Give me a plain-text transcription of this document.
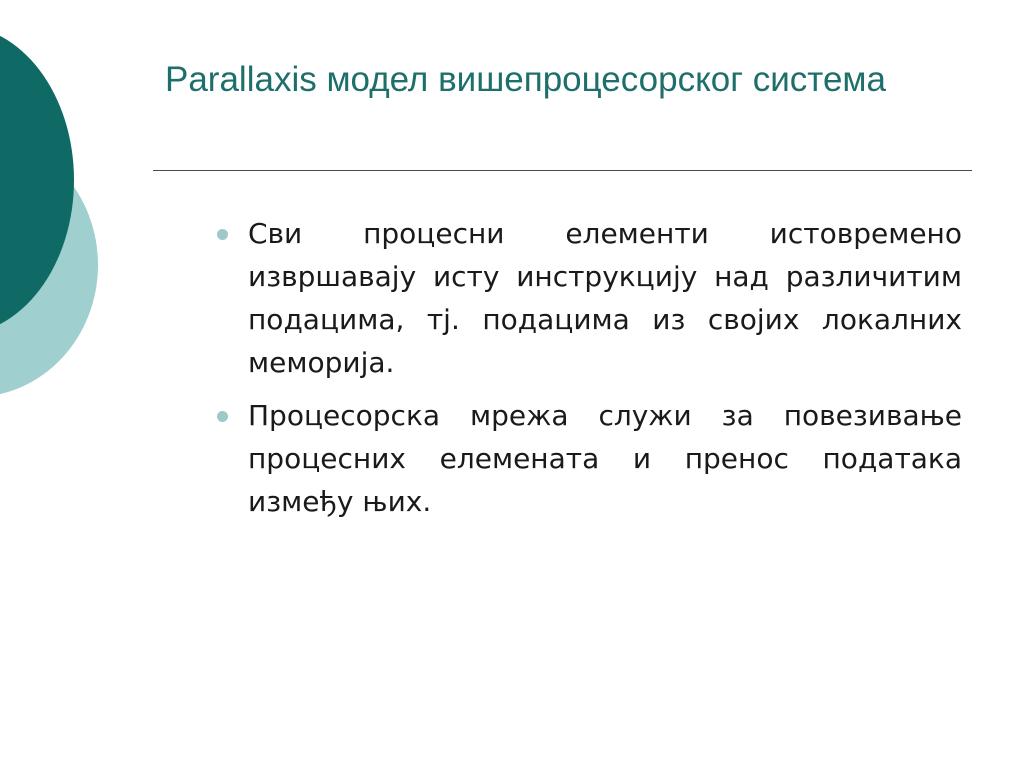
Parallaxis модел вишепроцесорског система
Сви процесни елементи истовремено извршавају исту инструкцију над различитим подацима, тј. подацима из својих локалних меморија.
Процесорска мрежа служи за повезивање процесних елемената и пренос података између њих.
